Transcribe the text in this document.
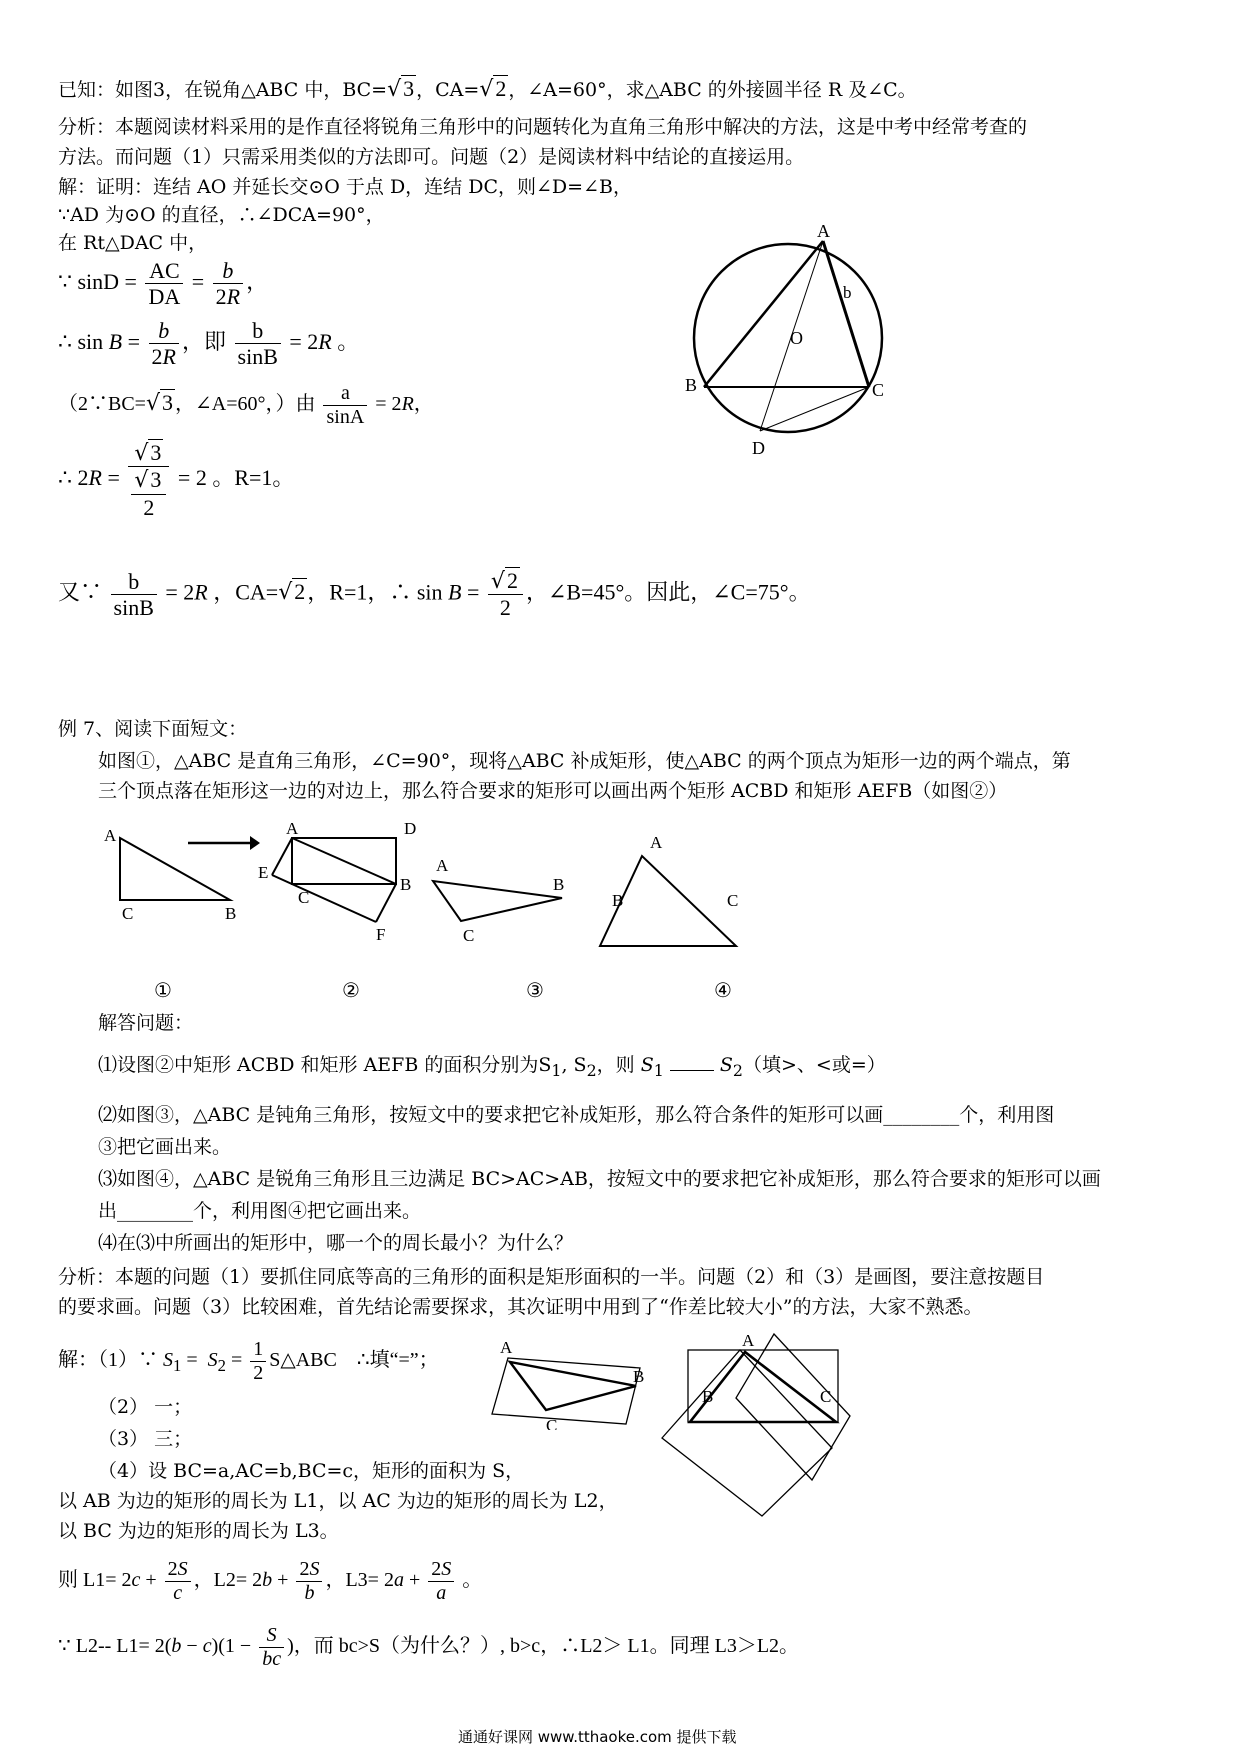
已知：如图3，在锐角△ABC 中，BC=√3 ，CA=√2 ，∠A=60°，求△ABC 的外接圆半径 R 及∠C。
分析：本题阅读材料采用的是作直径将锐角三角形中的问题转化为直角三角形中解决的方法，这是中考中经常考查的
方法。而问题（1）只需采用类似的方法即可。问题（2）是阅读材料中结论的直接运用。
解：证明：连结 AO 并延长交⊙O 于点 D，连结 DC，则∠D=∠B，
∵AD 为⊙O 的直径，∴∠DCA=90°，
在 Rt△DAC 中，
∵ $\sin D = \frac{AC}{DA} = \frac{b}{2R}$ ，
∴ $\sin B = \frac{b}{2R}$ ，即 $\frac{b}{\sin B} = 2R$ 。
（2∵BC=√3 ，∠A=60°，）由 $\frac{a}{\sin A} = 2R$，
∴ $2R = \frac{√3}{\frac{√3}{2}} = 2$ 。R=1。
又∵ $\frac{b}{\sin B} = 2R$ ，CA=√2，R=1，∴ $\sin B = \frac{√2}{2}$ ，∠B=45°。因此，∠C=75°。
A
b
O
B	C
D
例 7、阅读下面短文：
如图①，△ABC 是直角三角形，∠C=90°，现将△ABC 补成矩形，使△ABC 的两个顶点为矩形一边的两个端点，第
三个顶点落在矩形这一边的对边上，那么符合要求的矩形可以画出两个矩形 ACBD 和矩形 AEFB（如图②）
A
C	B
A	D
E
C
B
F
A
B
C
A
B	C
①	②	③	④
解答问题：
⑴设图②中矩形 ACBD 和矩形 AEFB 的面积分别为$S_1$, $S_2$，则 $S_1$	$S_2$（填>、<或=）
⑵如图③，△ABC 是钝角三角形，按短文中的要求把它补成矩形，那么符合条件的矩形可以画________个，利用图
③把它画出来。
⑶如图④，△ABC 是锐角三角形且三边满足 BC>AC>AB，按短文中的要求把它补成矩形，那么符合要求的矩形可以画
出________个，利用图④把它画出来。
⑷在⑶中所画出的矩形中，哪一个的周长最小？为什么？
分析：本题的问题（1）要抓住同底等高的三角形的面积是矩形面积的一半。问题（2）和（3）是画图，要注意按题目
的要求画。问题（3）比较困难，首先结论需要探求，其次证明中用到了“作差比较大小”的方法，大家不熟悉。
解：（1）∵ $S_1 = S_2 = \frac{1}{2}$ S△ABC    ∴填“=”；
（2） 一；
（3） 三；
（4）设 BC=a,AC=b,BC=c，矩形的面积为 S，
以 AB 为边的矩形的周长为 L1，以 AC 为边的矩形的周长为 L2，
以 BC 为边的矩形的周长为 L3。
则 $L1= 2c + \frac{2S}{c}$ ，$L2= 2b + \frac{2S}{b}$ ，$L3= 2a + \frac{2S}{a}$ 。
∵ L2-- $L1= 2(b - c)(1 - \frac{S}{bc}$ )，而 bc>S（为什么？）, b>c，∴L2＞ L1。同理 L3＞L2。
A
B
C
A
B	C
通通好课网 www.tthaoke.com 提供下载
